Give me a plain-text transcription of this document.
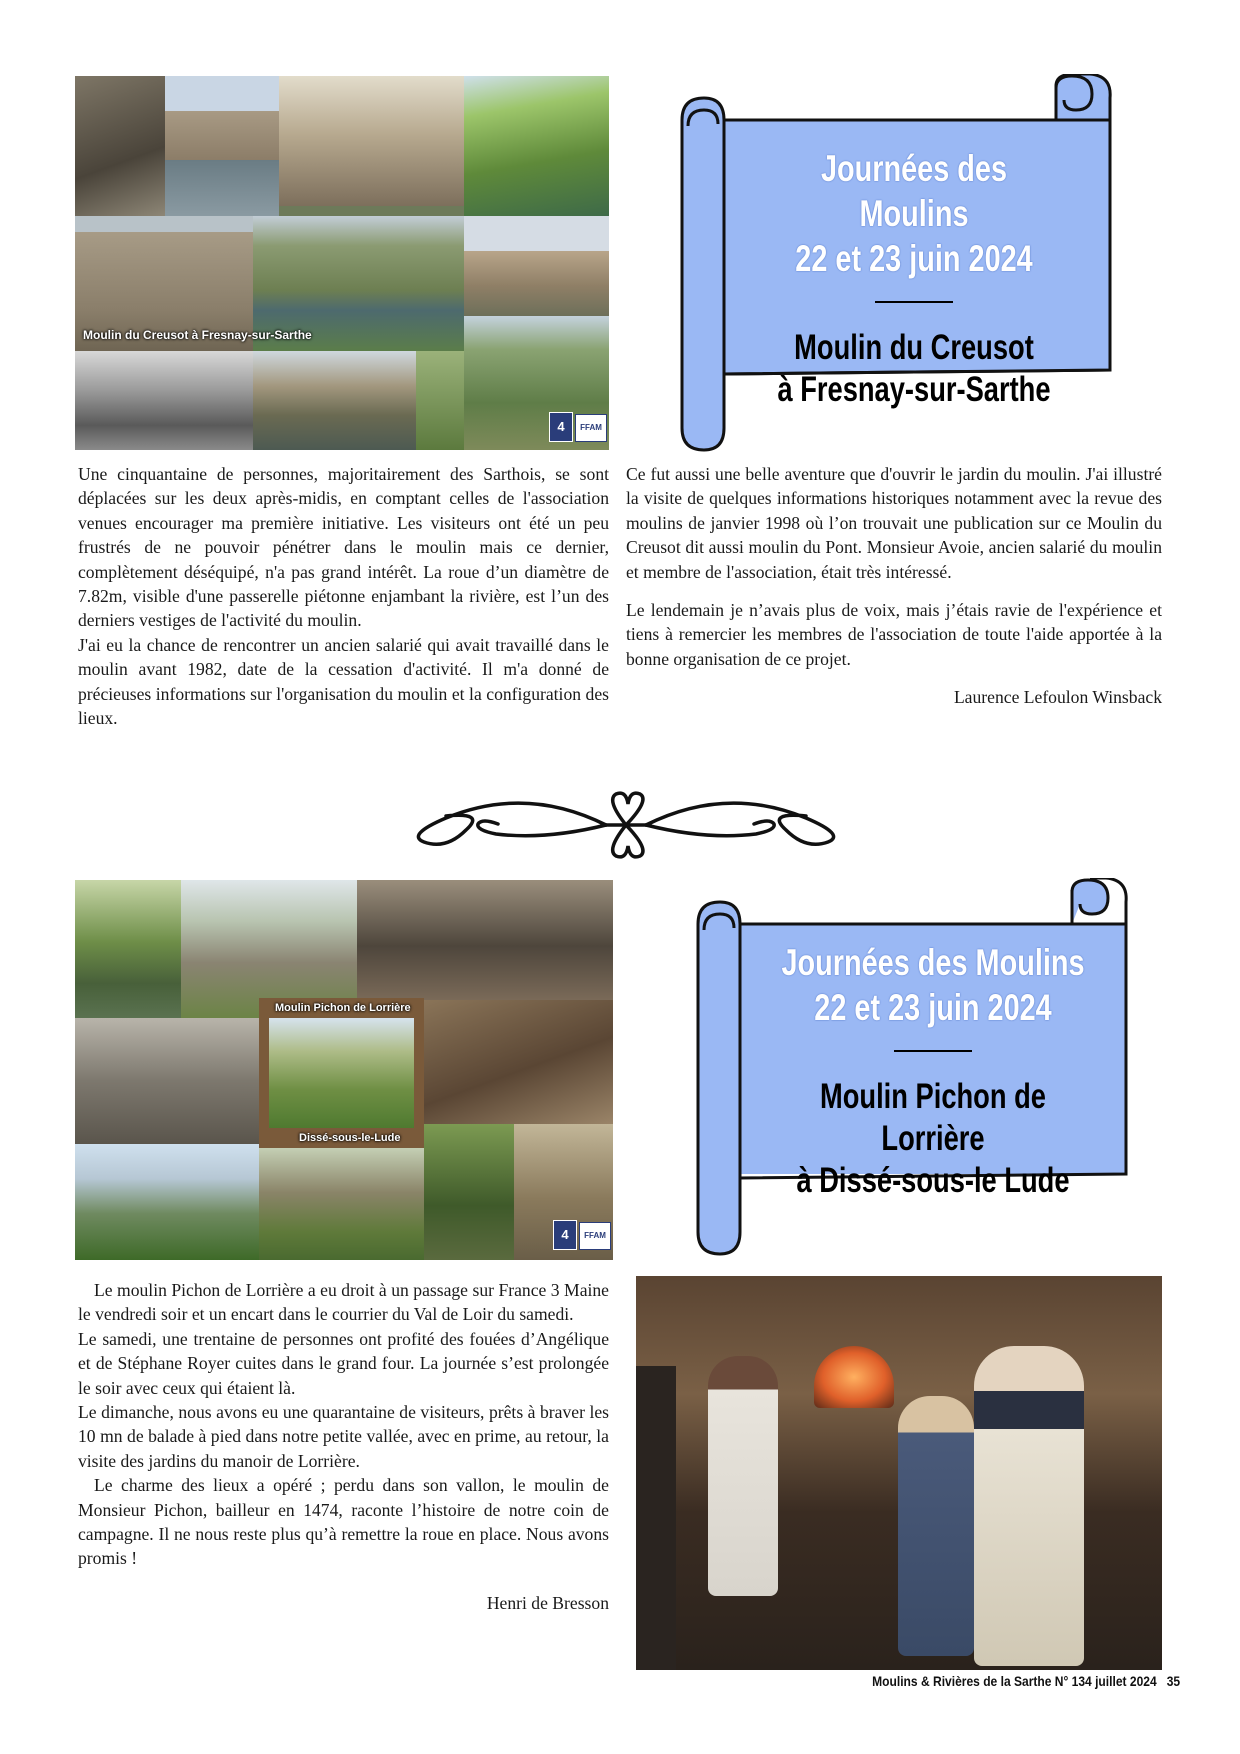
Moulin du Creusot à Fresnay-sur-Sarthe
4	FFAM
Journées des Moulins
22 et 23 juin 2024
Moulin du Creusot
à Fresnay-sur-Sarthe

Une cinquantaine de personnes, majoritairement des Sarthois, se sont déplacées sur les deux après-midis, en comptant celles de l'association venues encourager ma première initiative. Les visiteurs ont été un peu frustrés de ne pouvoir pénétrer dans le moulin mais ce dernier, complètement déséquipé, n'a pas grand intérêt. La roue d’un diamètre de 7.82m, visible d'une passerelle piétonne enjambant la rivière, est l’un des derniers vestiges de l'activité du moulin.

J'ai eu la chance de rencontrer un ancien salarié qui avait travaillé dans le moulin avant 1982, date de la cessation d'activité. Il m'a donné de précieuses informations sur l'organisation du moulin et la configuration des lieux.

Ce fut aussi une belle aventure que d'ouvrir le jardin du moulin. J'ai illustré la visite de quelques informations historiques notamment avec la revue des moulins de janvier 1998 où l’on trouvait une publication sur ce Moulin du Creusot dit aussi moulin du Pont. Monsieur Avoie, ancien salarié du moulin et membre de l'association, était très intéressé.

Le lendemain je n’avais plus de voix, mais j’étais ravie de l'expérience et tiens à remercier les membres de l'association de toute l'aide apportée à la bonne organisation de ce projet.

Laurence Lefoulon Winsback

Moulin Pichon de Lorrière
Dissé-sous-le-Lude
4	FFAM
Journées des Moulins
22 et 23 juin 2024
Moulin Pichon de Lorrière
à Dissé-sous-le Lude

Le moulin Pichon de Lorrière a eu droit à un passage sur France 3 Maine le vendredi soir et un encart dans le courrier du Val de Loir du samedi.

Le samedi, une trentaine de personnes ont profité des fouées d’Angélique et de Stéphane Royer cuites dans le grand four. La journée s’est prolongée le soir avec ceux qui étaient là.

Le dimanche, nous avons eu une quarantaine de visiteurs, prêts à braver les 10 mn de balade à pied dans notre petite vallée, avec en prime, au retour, la visite des jardins du manoir de Lorrière.

Le charme des lieux a opéré ; perdu dans son vallon, le moulin de Monsieur Pichon, bailleur en 1474, raconte l’histoire de notre coin de campagne. Il ne nous reste plus qu’à remettre la roue en place. Nous avons promis !

Henri de Bresson

Moulins & Rivières de la Sarthe N° 134 juillet 2024 35
